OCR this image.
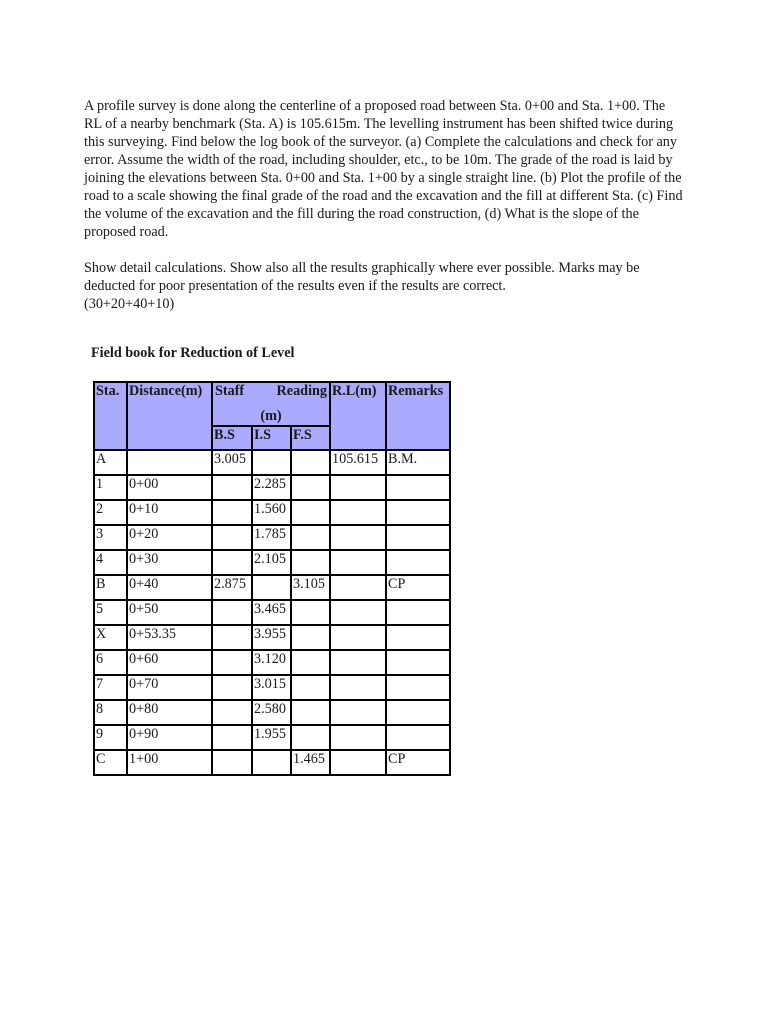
A profile survey is done along the centerline of a proposed road between Sta. 0+00 and Sta. 1+00. The RL of a nearby benchmark (Sta. A) is 105.615m. The levelling instrument has been shifted twice during this surveying. Find below the log book of the surveyor. (a) Complete the calculations and check for any error. Assume the width of the road, including shoulder, etc., to be 10m. The grade of the road is laid by joining the elevations between Sta. 0+00 and Sta. 1+00 by a single straight line. (b) Plot the profile of the road to a scale showing the final grade of the road and the excavation and the fill at different Sta. (c) Find the volume of the excavation and the fill during the road construction, (d) What is the slope of the proposed road.

Show detail calculations. Show also all the results graphically where ever possible. Marks may be deducted for poor presentation of the results even if the results are correct.

(30+20+40+10)

Field book for Reduction of Level

Sta.	Distance(m)	Staff Reading
(m)			R.L(m)	Remarks
		B.S	I.S	F.S		
A		3.005			105.615	B.M.
1	0+00		2.285			
2	0+10		1.560			
3	0+20		1.785			
4	0+30		2.105			
B	0+40	2.875		3.105		CP
5	0+50		3.465			
X	0+53.35		3.955			
6	0+60		3.120			
7	0+70		3.015			
8	0+80		2.580			
9	0+90		1.955			
C	1+00			1.465		CP
